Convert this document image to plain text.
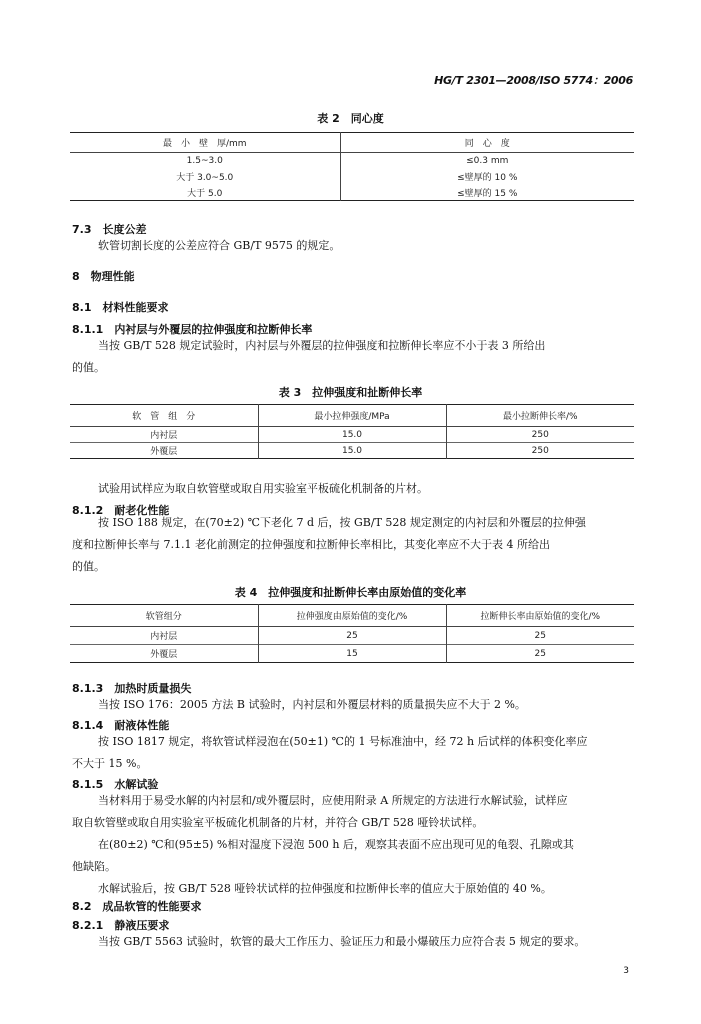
HG/T 2301—2008/ISO 5774：2006
表 2　同心度
最　小　壁　厚/mm	同　心　度
1.5~3.0	≤0.3 mm
大于 3.0~5.0	≤壁厚的 10 %
大于 5.0	≤壁厚的 15 %
7.3　长度公差
软管切割长度的公差应符合 GB/T 9575 的规定。
8　物理性能
8.1　材料性能要求
8.1.1　内衬层与外覆层的拉伸强度和拉断伸长率
当按 GB/T 528 规定试验时，内衬层与外覆层的拉伸强度和拉断伸长率应不小于表 3 所给出
的值。
表 3　拉伸强度和扯断伸长率
软　管　组　分	最小拉伸强度/MPa	最小拉断伸长率/%
内衬层	15.0	250
外覆层	15.0	250
试验用试样应为取自软管壁或取自用实验室平板硫化机制备的片材。
8.1.2　耐老化性能
按 ISO 188 规定，在(70±2) ℃下老化 7 d 后，按 GB/T 528 规定测定的内衬层和外覆层的拉伸强
度和拉断伸长率与 7.1.1 老化前测定的拉伸强度和拉断伸长率相比，其变化率应不大于表 4 所给出
的值。
表 4　拉伸强度和扯断伸长率由原始值的变化率
软管组分	拉伸强度由原始值的变化/%	拉断伸长率由原始值的变化/%
内衬层	25	25
外覆层	15	25
8.1.3　加热时质量损失
当按 ISO 176：2005 方法 B 试验时，内衬层和外覆层材料的质量损失应不大于 2 %。
8.1.4　耐液体性能
按 ISO 1817 规定，将软管试样浸泡在(50±1) ℃的 1 号标准油中，经 72 h 后试样的体积变化率应
不大于 15 %。
8.1.5　水解试验
当材料用于易受水解的内衬层和/或外覆层时，应使用附录 A 所规定的方法进行水解试验，试样应
取自软管壁或取自用实验室平板硫化机制备的片材，并符合 GB/T 528 哑铃状试样。
在(80±2) ℃和(95±5) %相对湿度下浸泡 500 h 后，观察其表面不应出现可见的龟裂、孔隙或其
他缺陷。
水解试验后，按 GB/T 528 哑铃状试样的拉伸强度和拉断伸长率的值应大于原始值的 40 %。
8.2　成品软管的性能要求
8.2.1　静液压要求
当按 GB/T 5563 试验时，软管的最大工作压力、验证压力和最小爆破压力应符合表 5 规定的要求。
3
